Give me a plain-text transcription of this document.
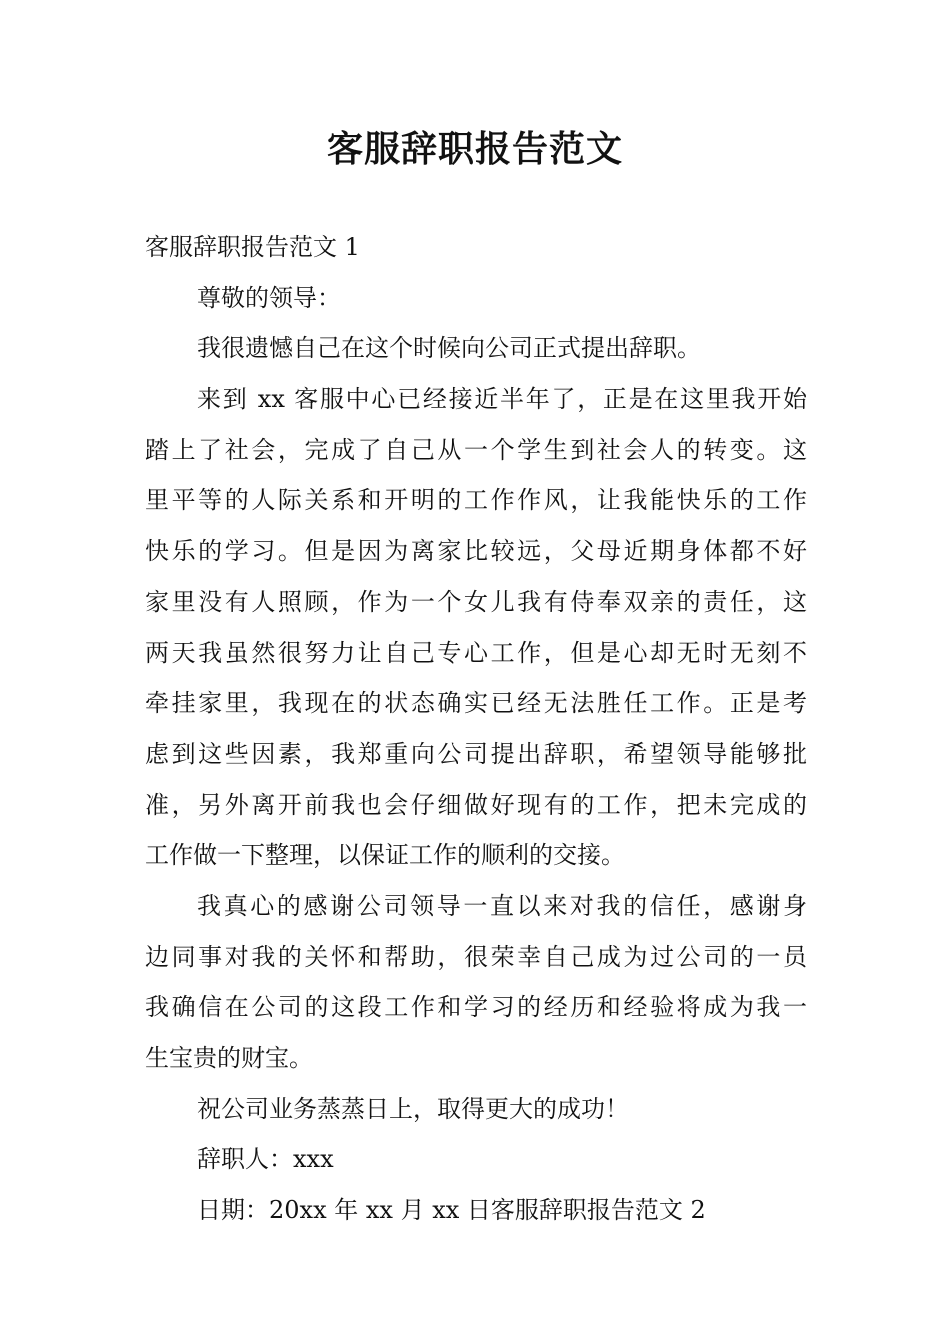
客服辞职报告范文
客服辞职报告范文 1
尊敬的领导：
我很遗憾自己在这个时候向公司正式提出辞职。
来到 xx 客服中心已经接近半年了，正是在这里我开始
踏上了社会，完成了自己从一个学生到社会人的转变。这
里平等的人际关系和开明的工作作风，让我能快乐的工作
快乐的学习。但是因为离家比较远，父母近期身体都不好
家里没有人照顾，作为一个女儿我有侍奉双亲的责任，这
两天我虽然很努力让自己专心工作，但是心却无时无刻不
牵挂家里，我现在的状态确实已经无法胜任工作。正是考
虑到这些因素，我郑重向公司提出辞职，希望领导能够批
准，另外离开前我也会仔细做好现有的工作，把未完成的
工作做一下整理，以保证工作的顺利的交接。
我真心的感谢公司领导一直以来对我的信任，感谢身
边同事对我的关怀和帮助，很荣幸自己成为过公司的一员
我确信在公司的这段工作和学习的经历和经验将成为我一
生宝贵的财宝。
祝公司业务蒸蒸日上，取得更大的成功！
辞职人：xxx
日期：20xx 年 xx 月 xx 日客服辞职报告范文 2
